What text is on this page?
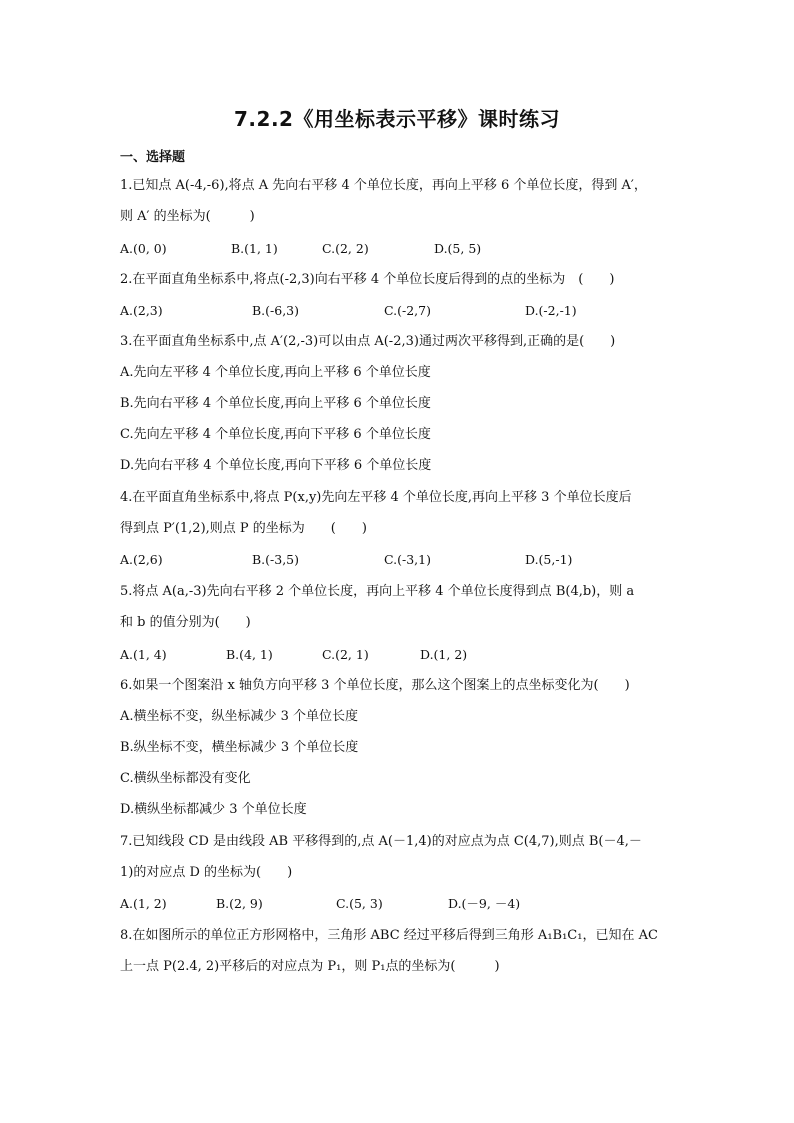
7.2.2《用坐标表示平移》课时练习
一、选择题
1.已知点 A(-4,-6),将点 A 先向右平移 4 个单位长度，再向上平移 6 个单位长度，得到 A′，
则 A′ 的坐标为(　　　)

A.(0, 0)

	B.(1, 1)

	C.(2, 2)

	D.(5, 5)

2.在平面直角坐标系中,将点(-2,3)向右平移 4 个单位长度后得到的点的坐标为　(　　)

A.(2,3)

	B.(-6,3)

	C.(-2,7)

	D.(-2,-1)

3.在平面直角坐标系中,点 A′(2,-3)可以由点 A(-2,3)通过两次平移得到,正确的是(　　)
A.先向左平移 4 个单位长度,再向上平移 6 个单位长度
B.先向右平移 4 个单位长度,再向上平移 6 个单位长度
C.先向左平移 4 个单位长度,再向下平移 6 个单位长度
D.先向右平移 4 个单位长度,再向下平移 6 个单位长度
4.在平面直角坐标系中,将点 P(x,y)先向左平移 4 个单位长度,再向上平移 3 个单位长度后
得到点 P′(1,2),则点 P 的坐标为　　(　　)

A.(2,6)

	B.(-3,5)

	C.(-3,1)

	D.(5,-1)

5.将点 A(a,-3)先向右平移 2 个单位长度，再向上平移 4 个单位长度得到点 B(4,b)，则 a
和 b 的值分别为(　　)

A.(1, 4)

	B.(4, 1)

	C.(2, 1)

	D.(1, 2)

6.如果一个图案沿 x 轴负方向平移 3 个单位长度，那么这个图案上的点坐标变化为(　　)
A.横坐标不变，纵坐标减少 3 个单位长度
B.纵坐标不变，横坐标减少 3 个单位长度
C.横纵坐标都没有变化
D.横纵坐标都减少 3 个单位长度
7.已知线段 CD 是由线段 AB 平移得到的,点 A(－1,4)的对应点为点 C(4,7),则点 B(－4,－
1)的对应点 D 的坐标为(　　)

A.(1, 2)

	B.(2, 9)

	C.(5, 3)

	D.(－9, －4)

8.在如图所示的单位正方形网格中，三角形 ABC 经过平移后得到三角形 A₁B₁C₁，已知在 AC
上一点 P(2.4, 2)平移后的对应点为 P₁，则 P₁点的坐标为(　　　)
